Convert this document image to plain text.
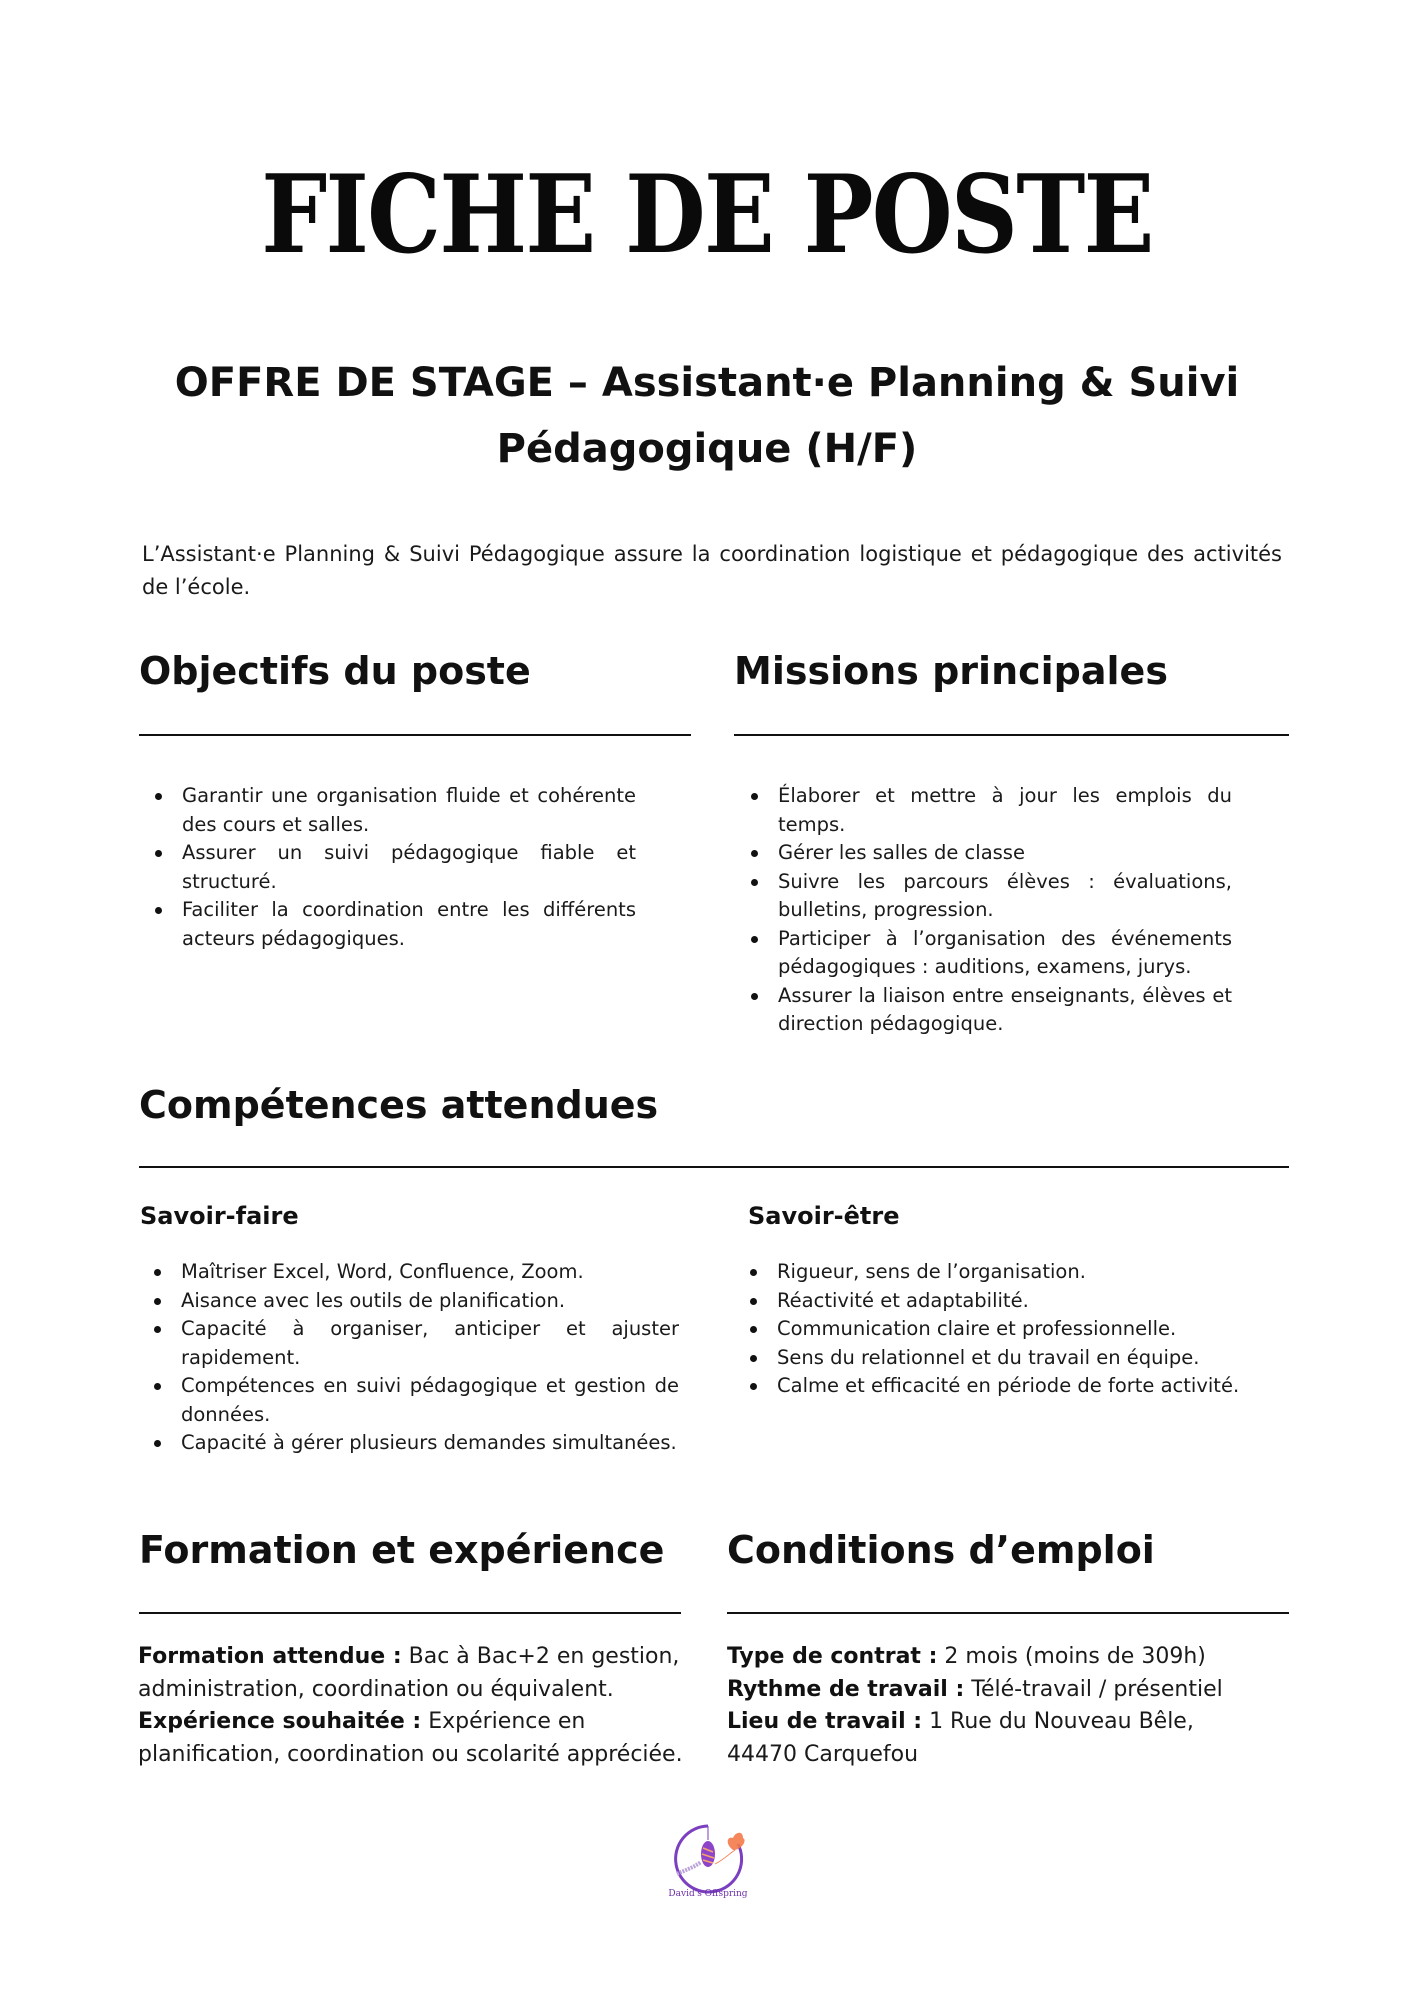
FICHE DE POSTE
OFFRE DE STAGE – Assistant·e Planning & Suivi
Pédagogique (H/F)

L’Assistant·e Planning & Suivi Pédagogique assure la coordination logistique et pédagogique des activités de l’école.

Objectifs du poste
Garantir une organisation fluide et cohérente des cours et salles.
Assurer un suivi pédagogique fiable et structuré.
Faciliter la coordination entre les différents acteurs pédagogiques.
Missions principales
Élaborer et mettre à jour les emplois du temps.
Gérer les salles de classe
Suivre les parcours élèves : évaluations, bulletins, progression.
Participer à l’organisation des événements pédagogiques : auditions, examens, jurys.
Assurer la liaison entre enseignants, élèves et direction pédagogique.
Compétences attendues
Savoir-faire
Maîtriser Excel, Word, Confluence, Zoom.
Aisance avec les outils de planification.
Capacité à organiser, anticiper et ajuster rapidement.
Compétences en suivi pédagogique et gestion de données.
Capacité à gérer plusieurs demandes simultanées.
Savoir-être
Rigueur, sens de l’organisation.
Réactivité et adaptabilité.
Communication claire et professionnelle.
Sens du relationnel et du travail en équipe.
Calme et efficacité en période de forte activité.
Formation et expérience

Formation attendue : Bac à Bac+2 en gestion, administration, coordination ou équivalent.

Expérience souhaitée : Expérience en planification, coordination ou scolarité appréciée.

Conditions d’emploi

Type de contrat : 2 mois (moins de 309h)

Rythme de travail : Télé-travail / présentiel

Lieu de travail : 1 Rue du Nouveau Bêle, 44470 Carquefou

David's Offspring
